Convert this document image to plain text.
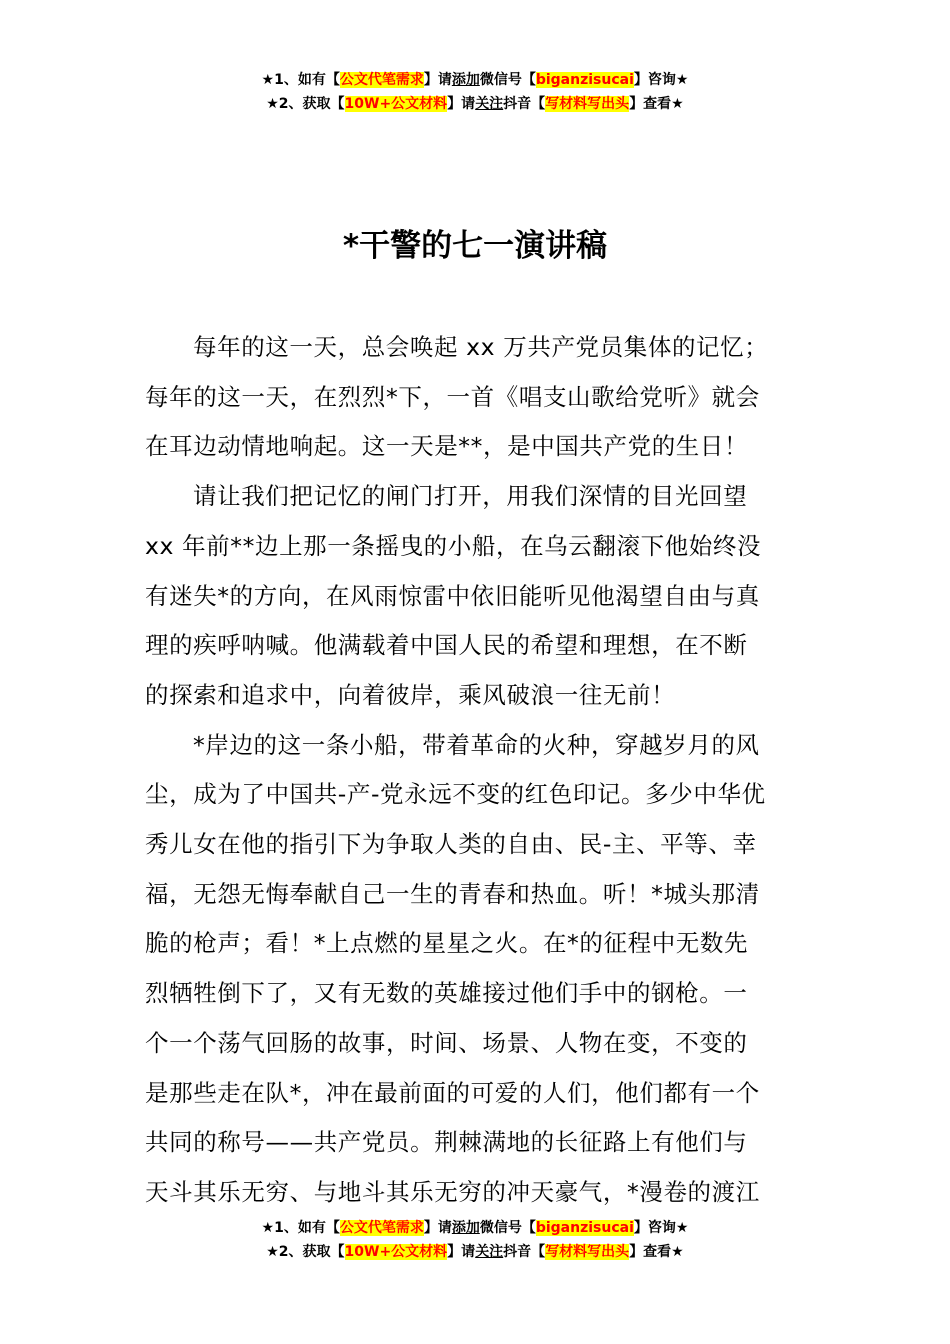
★1、如有【公文代笔需求】请添加微信号【biganzisucai】咨询★
★2、获取【10W+公文材料】请关注抖音【写材料写出头】查看★
*干警的七一演讲稿

每年的这一天，总会唤起 xx 万共产党员集体的记忆；
每年的这一天，在烈烈*下，一首《唱支山歌给党听》就会
在耳边动情地响起。这一天是**，是中国共产党的生日！

请让我们把记忆的闸门打开，用我们深情的目光回望
xx 年前**边上那一条摇曳的小船，在乌云翻滚下他始终没
有迷失*的方向，在风雨惊雷中依旧能听见他渴望自由与真
理的疾呼呐喊。他满载着中国人民的希望和理想，在不断
的探索和追求中，向着彼岸，乘风破浪一往无前！

*岸边的这一条小船，带着革命的火种，穿越岁月的风
尘，成为了中国共-产-党永远不变的红色印记。多少中华优
秀儿女在他的指引下为争取人类的自由、民-主、平等、幸
福，无怨无悔奉献自己一生的青春和热血。听！*城头那清
脆的枪声；看！*上点燃的星星之火。在*的征程中无数先
烈牺牲倒下了，又有无数的英雄接过他们手中的钢枪。一
个一个荡气回肠的故事，时间、场景、人物在变，不变的
是那些走在队*，冲在最前面的可爱的人们，他们都有一个
共同的称号——共产党员。荆棘满地的长征路上有他们与
天斗其乐无穷、与地斗其乐无穷的冲天豪气，*漫卷的渡江

★1、如有【公文代笔需求】请添加微信号【biganzisucai】咨询★
★2、获取【10W+公文材料】请关注抖音【写材料写出头】查看★
